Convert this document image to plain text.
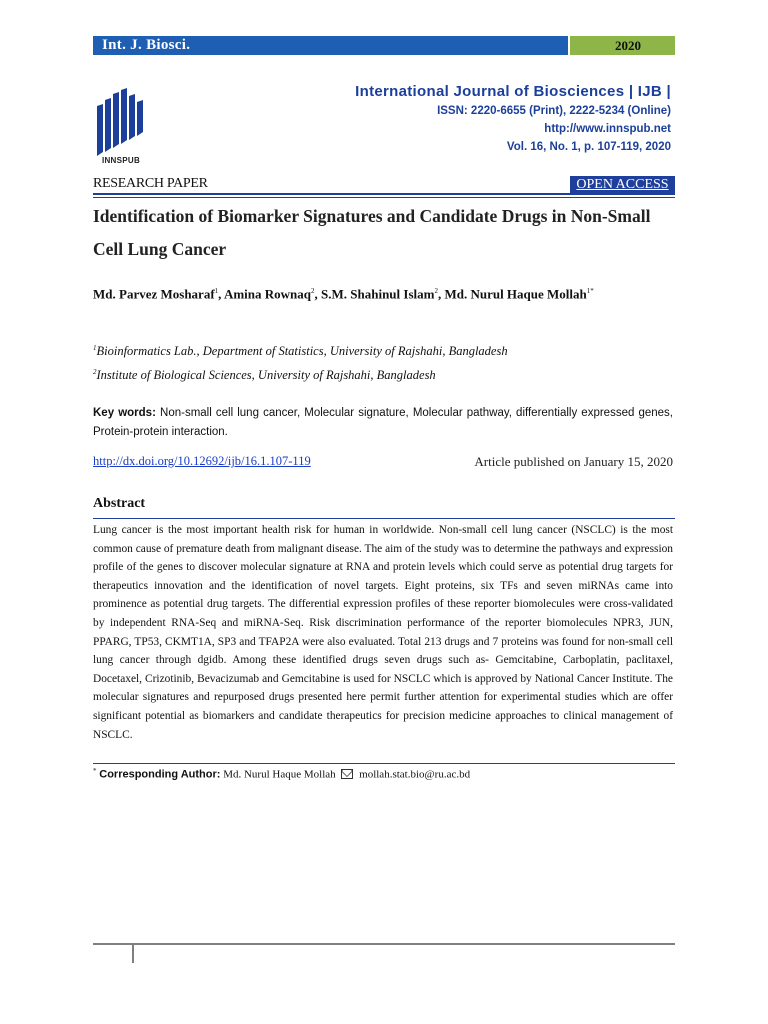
Int. J. Biosci.	2020
INNSPUB
International Journal of Biosciences | IJB |
ISSN: 2220-6655 (Print), 2222-5234 (Online)
http://www.innspub.net
Vol. 16, No. 1, p. 107-119, 2020
RESEARCH PAPER	OPEN ACCESS
Identification of Biomarker Signatures and Candidate Drugs in Non-Small Cell Lung Cancer
Md. Parvez Mosharaf$^1$, Amina Rownaq$^2$, S.M. Shahinul Islam$^2$, Md. Nurul Haque Mollah$^{1*}$
$^1$Bioinformatics Lab., Department of Statistics, University of Rajshahi, Bangladesh
$^2$Institute of Biological Sciences, University of Rajshahi, Bangladesh
Key words: Non-small cell lung cancer, Molecular signature, Molecular pathway, differentially expressed genes, Protein-protein interaction.
http://dx.doi.org/10.12692/ijb/16.1.107-119	Article published on January 15, 2020
Abstract
Lung cancer is the most important health risk for human in worldwide. Non-small cell lung cancer (NSCLC) is the most common cause of premature death from malignant disease. The aim of the study was to determine the pathways and expression profile of the genes to discover molecular signature at RNA and protein levels which could serve as potential drug targets for therapeutics innovation and the identification of novel targets. Eight proteins, six TFs and seven miRNAs came into prominence as potential drug targets. The differential expression profiles of these reporter biomolecules were cross-validated by independent RNA-Seq and miRNA-Seq. Risk discrimination performance of the reporter biomolecules NPR3, JUN, PPARG, TP53, CKMT1A, SP3 and TFAP2A were also evaluated. Total 213 drugs and 7 proteins was found for non-small cell lung cancer through dgidb. Among these identified drugs seven drugs such as- Gemcitabine, Carboplatin, paclitaxel, Docetaxel, Crizotinib, Bevacizumab and Gemcitabine is used for NSCLC which is approved by National Cancer Institute. The molecular signatures and repurposed drugs presented here permit further attention for experimental studies which are offer significant potential as biomarkers and candidate therapeutics for precision medicine approaches to clinical management of NSCLC.
* Corresponding Author: Md. Nurul Haque Mollah mollah.stat.bio@ru.ac.bd
